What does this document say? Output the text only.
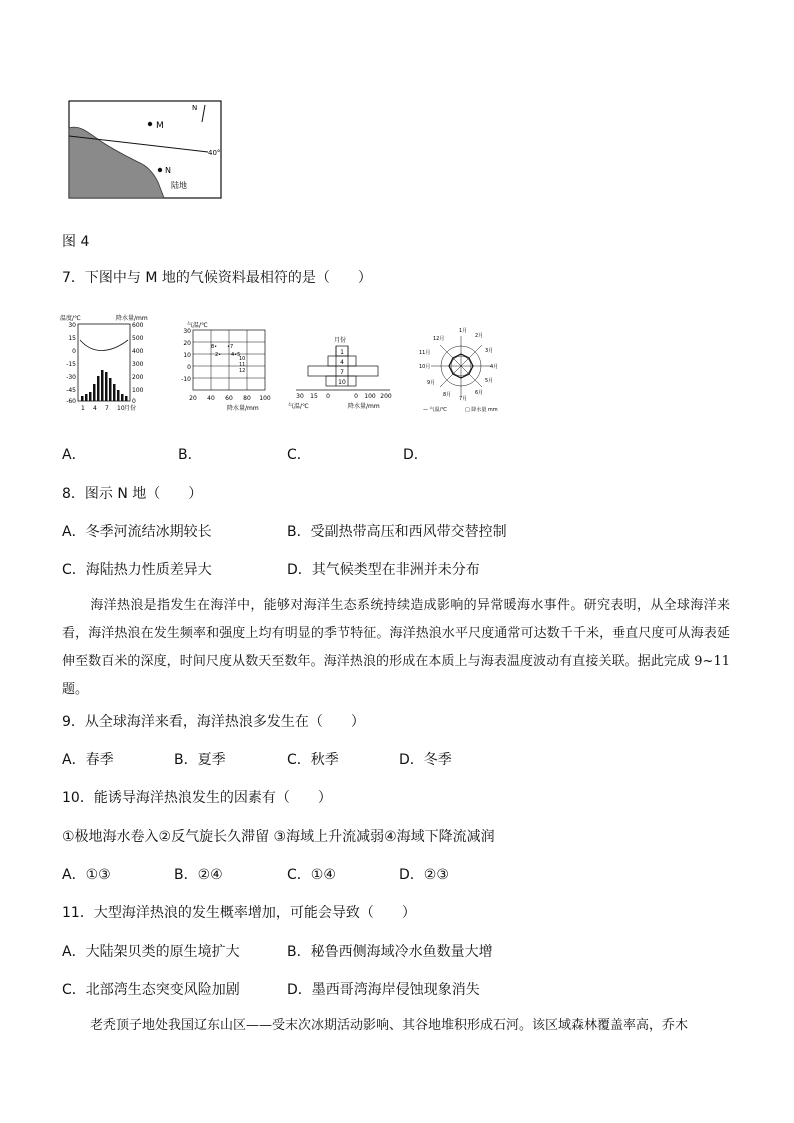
M
N
陆地
N
40°
图 4
7．下图中与 M 地的气候资料最相符的是（　　）
温度/℃	降水量/mm
30
15
0
-15
-30
-45
-60
600
500
400
300
200
100
0
1 4 7 10 月份
气温/℃
30
20
10
0
-10
8• •7
2• 4•5
10
11
12
20 40 60 80 100
降水量/mm
月份
1
4
7
10
30 15 0	0 100 200
气温/℃	降水量/mm
1月
2月
3月
4月
5月
6月
7月
8月
9月
10月
11月
12月
— 气温/℃	□ 降水量 mm
A．	B．	C．	D．
8．图示 N 地（　　）
A．冬季河流结冰期较长	B．受副热带高压和西风带交替控制
C．海陆热力性质差异大	D．其气候类型在非洲并未分布
海洋热浪是指发生在海洋中，能够对海洋生态系统持续造成影响的异常暖海水事件。研究表明，从全球海洋来看，海洋热浪在发生频率和强度上均有明显的季节特征。海洋热浪水平尺度通常可达数千千米，垂直尺度可从海表延伸至数百米的深度，时间尺度从数天至数年。海洋热浪的形成在本质上与海表温度波动有直接关联。据此完成 9~11 题。
9．从全球海洋来看，海洋热浪多发生在（　　）
A．春季	B．夏季	C．秋季	D．冬季
10．能诱导海洋热浪发生的因素有（　　）
①极地海水卷入②反气旋长久滞留 ③海域上升流减弱④海域下降流减润
A．①③	B．②④	C．①④	D．②③
11．大型海洋热浪的发生概率增加，可能会导致（　　）
A．大陆架贝类的原生境扩大	B．秘鲁西侧海域冷水鱼数量大增
C．北部湾生态突变风险加剧	D．墨西哥湾海岸侵蚀现象消失
老秃顶子地处我国辽东山区——受末次冰期活动影响、其谷地堆积形成石河。该区域森林覆盖率高，乔木
